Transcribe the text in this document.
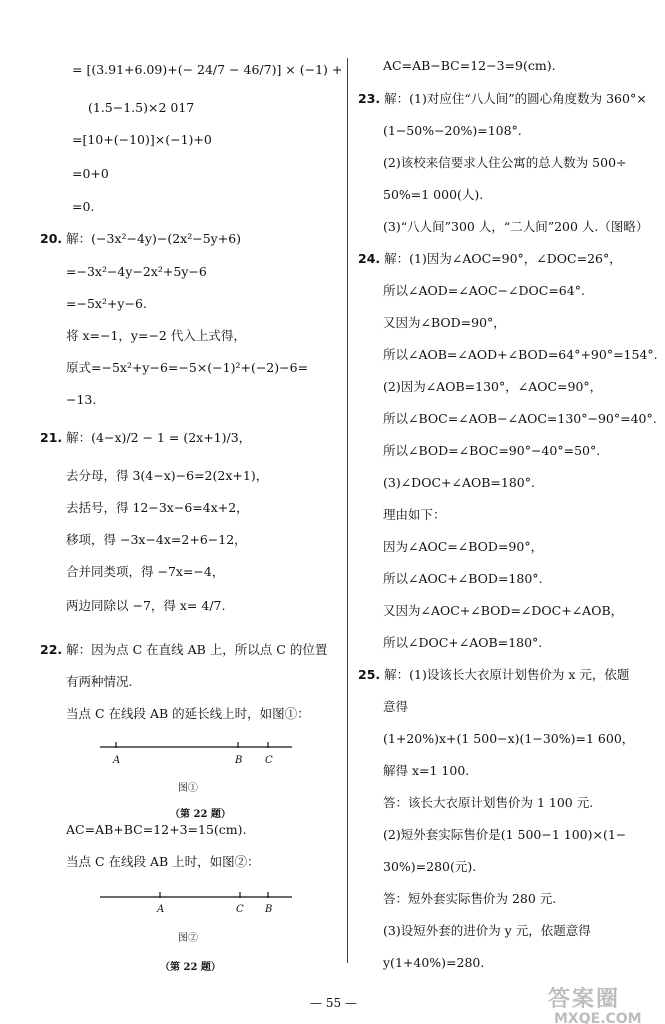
= [(3.91+6.09)+(− 24/7 − 46/7)] × (−1) +
(1.5−1.5)×2 017
=[10+(−10)]×(−1)+0
=0+0
=0.
20. 解：(−3x²−4y)−(2x²−5y+6)
=−3x²−4y−2x²+5y−6
=−5x²+y−6.
将 x=−1，y=−2 代入上式得，
原式=−5x²+y−6=−5×(−1)²+(−2)−6=
−13.
21. 解：(4−x)/2 − 1 = (2x+1)/3，
去分母，得 3(4−x)−6=2(2x+1)，
去括号，得 12−3x−6=4x+2，
移项，得 −3x−4x=2+6−12，
合并同类项，得 −7x=−4，
两边同除以 −7，得 x= 4/7.
22. 解：因为点 C 在直线 AB 上，所以点 C 的位置
有两种情况.
当点 C 在线段 AB 的延长线上时，如图①：
A	B C
图①
（第 22 题）
AC=AB+BC=12+3=15(cm).
当点 C 在线段 AB 上时，如图②：
A	C B
图②
（第 22 题）
AC=AB−BC=12−3=9(cm).
23. 解：(1)对应住“八人间”的圆心角度数为 360°×
(1−50%−20%)=108°.
(2)该校来信要求人住公寓的总人数为 500÷
50%=1 000(人).
(3)“八人间”300 人，“二人间”200 人.（图略）
24. 解：(1)因为∠AOC=90°，∠DOC=26°，
所以∠AOD=∠AOC−∠DOC=64°.
又因为∠BOD=90°，
所以∠AOB=∠AOD+∠BOD=64°+90°=154°.
(2)因为∠AOB=130°，∠AOC=90°，
所以∠BOC=∠AOB−∠AOC=130°−90°=40°.
所以∠BOD=∠BOC=90°−40°=50°.
(3)∠DOC+∠AOB=180°.
理由如下：
因为∠AOC=∠BOD=90°，
所以∠AOC+∠BOD=180°.
又因为∠AOC+∠BOD=∠DOC+∠AOB，
所以∠DOC+∠AOB=180°.
25. 解：(1)设该长大衣原计划售价为 x 元，依题
意得
(1+20%)x+(1 500−x)(1−30%)=1 600，
解得 x=1 100.
答：该长大衣原计划售价为 1 100 元.
(2)短外套实际售价是(1 500−1 100)×(1−
30%)=280(元).
答：短外套实际售价为 280 元.
(3)设短外套的进价为 y 元，依题意得
y(1+40%)=280.
— 55 —	答案圈
MXQE.COM
